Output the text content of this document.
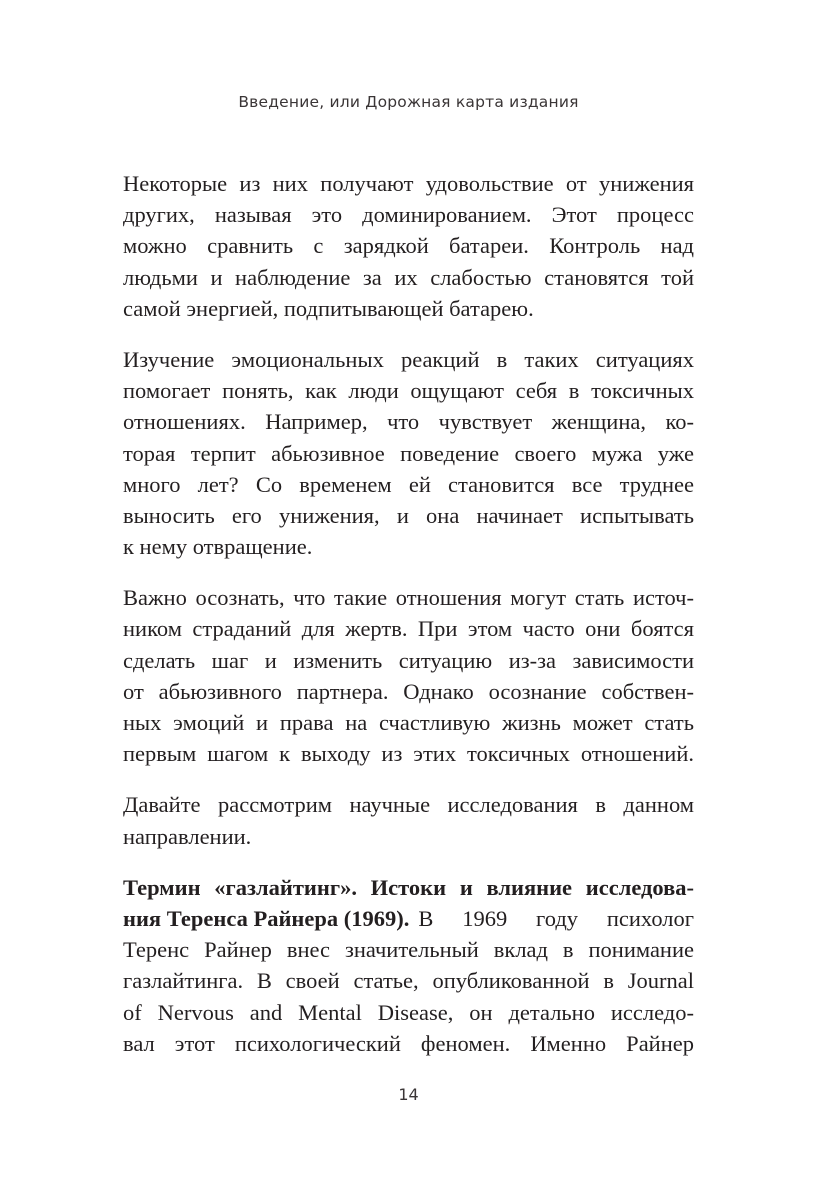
Введение, или Дорожная карта издания
Некоторые из них получают удовольствие от унижения
других, называя это доминированием. Этот процесс
можно сравнить с зарядкой батареи. Контроль над
людьми и наблюдение за их слабостью становятся той
самой энергией, подпитывающей батарею.
Изучение эмоциональных реакций в таких ситуациях
помогает понять, как люди ощущают себя в токсичных
отношениях. Например, что чувствует женщина, ко-
торая терпит абьюзивное поведение своего мужа уже
много лет? Со временем ей становится все труднее
выносить его унижения, и она начинает испытывать
к нему отвращение.
Важно осознать, что такие отношения могут стать источ-
ником страданий для жертв. При этом часто они боятся
сделать шаг и изменить ситуацию из-за зависимости
от абьюзивного партнера. Однако осознание собствен-
ных эмоций и права на счастливую жизнь может стать
первым шагом к выходу из этих токсичных отношений.
Давайте рассмотрим научные исследования в данном
направлении.
Термин «газлайтинг». Истоки и влияние исследова-
ния Теренса Райнера (1969). В 1969 году психолог
Теренс Райнер внес значительный вклад в понимание
газлайтинга. В своей статье, опубликованной в Journal
of Nervous and Mental Disease, он детально исследо-
вал этот психологический феномен. Именно Райнер
14
